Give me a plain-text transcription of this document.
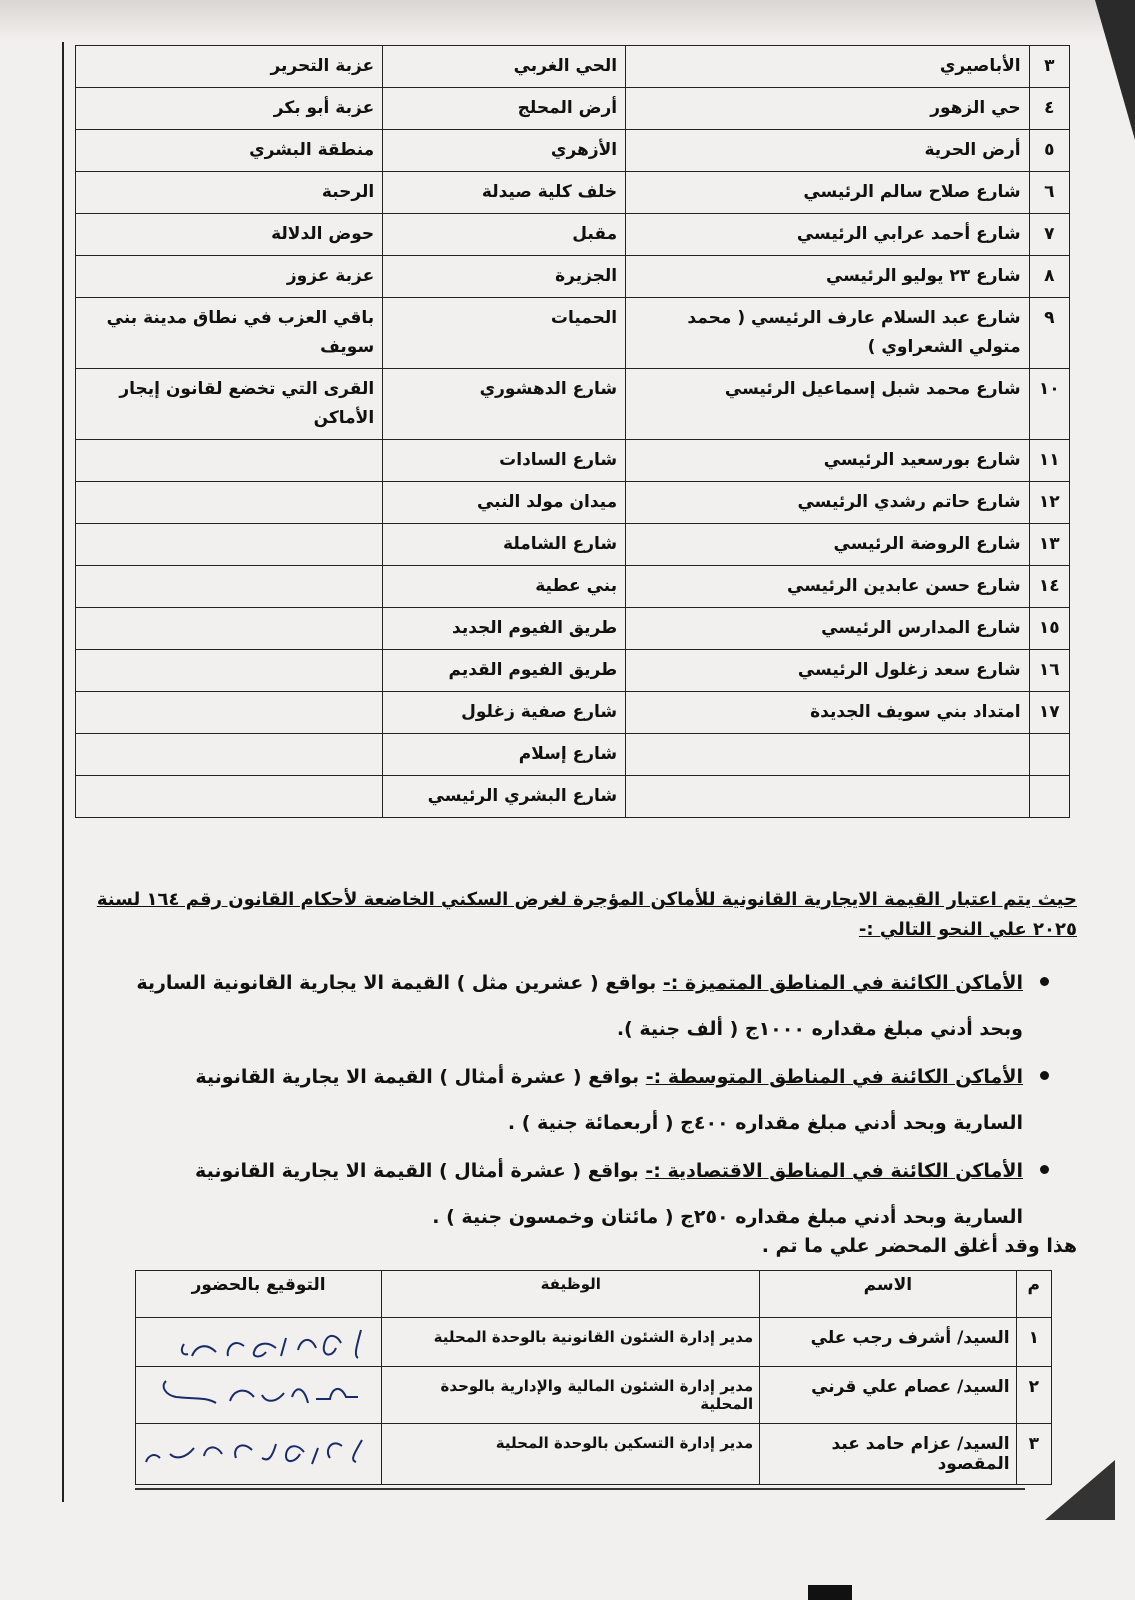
٣	الأباصيري	الحي الغربي	عزبة التحرير
٤	حي الزهور	أرض المحلج	عزبة أبو بكر
٥	أرض الحرية	الأزهري	منطقة البشري
٦	شارع صلاح سالم الرئيسي	خلف كلية صيدلة	الرحبة
٧	شارع أحمد عرابي الرئيسي	مقبل	حوض الدلالة
٨	شارع ٢٣ يوليو الرئيسي	الجزيرة	عزبة عزوز
٩	شارع عبد السلام عارف الرئيسي ( محمد متولي الشعراوي )	الحميات	باقي العزب في نطاق مدينة بني سويف
١٠	شارع محمد شبل إسماعيل الرئيسي	شارع الدهشوري	القرى التي تخضع لقانون إيجار الأماكن
١١	شارع بورسعيد الرئيسي	شارع السادات	
١٢	شارع حاتم رشدي الرئيسي	ميدان مولد النبي	
١٣	شارع الروضة الرئيسي	شارع الشاملة	
١٤	شارع حسن عابدين الرئيسي	بني عطية	
١٥	شارع المدارس الرئيسي	طريق الفيوم الجديد	
١٦	شارع سعد زغلول الرئيسي	طريق الفيوم القديم	
١٧	امتداد بني سويف الجديدة	شارع صفية زغلول	
		شارع إسلام	
		شارع البشري الرئيسي	
حيث يتم اعتبار القيمة الايجارية القانونية للأماكن المؤجرة لغرض السكني الخاضعة لأحكام القانون رقم ١٦٤ لسنة ٢٠٢٥ علي النحو التالي :-
الأماكن الكائنة في المناطق المتميزة :- بواقع ( عشرين مثل ) القيمة الا يجارية القانونية السارية وبحد أدني مبلغ مقداره ١٠٠٠ج ( ألف جنية ).
الأماكن الكائنة في المناطق المتوسطة :- بواقع ( عشرة أمثال ) القيمة الا يجارية القانونية السارية وبحد أدني مبلغ مقداره ٤٠٠ج ( أربعمائة جنية ) .
الأماكن الكائنة في المناطق الاقتصادية :- بواقع ( عشرة أمثال ) القيمة الا يجارية القانونية السارية وبحد أدني مبلغ مقداره ٢٥٠ج ( مائتان وخمسون جنية ) .
هذا وقد أغلق المحضر علي ما تم .
م	الاسم	الوظيفة	التوقيع بالحضور
١	السيد/ أشرف رجب علي	مدير إدارة الشئون القانونية بالوحدة المحلية	

٢	السيد/ عصام علي قرني	مدير إدارة الشئون المالية والإدارية بالوحدة المحلية	

٣	السيد/ عزام حامد عبد المقصود	مدير إدارة التسكين بالوحدة المحلية	
